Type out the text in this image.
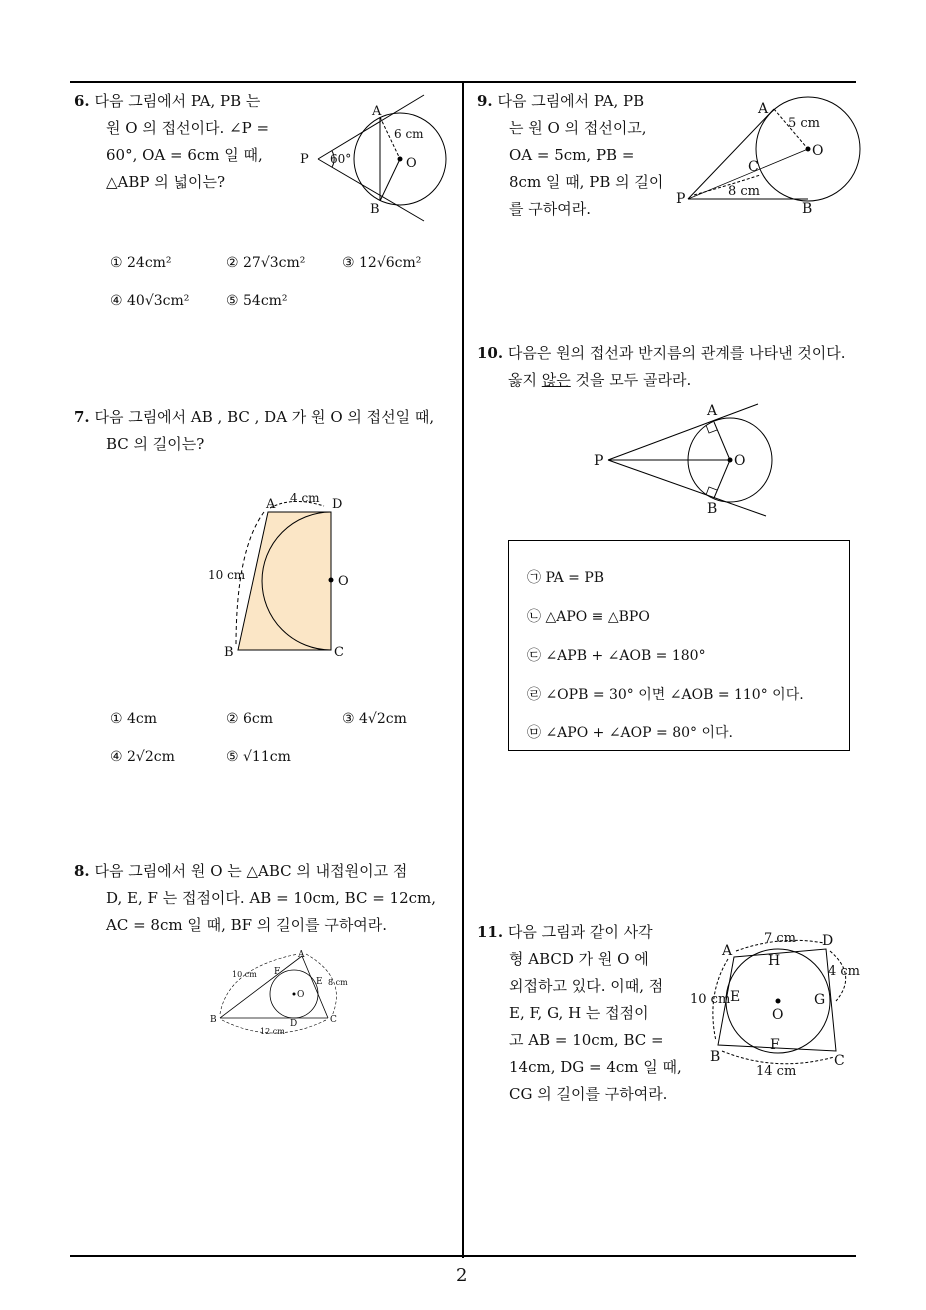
6. 다음 그림에서 PA, PB 는
원 O 의 접선이다. ∠P =
60°, OA = 6cm 일 때,
△ABP 의 넓이는?
A
B
P	O
60°
6 cm
① 24cm²	② 27√3cm²	③ 12√6cm²
④ 40√3cm²	⑤ 54cm²
7. 다음 그림에서 AB , BC , DA 가 원 O 의 접선일 때,
BC 의 길이는?
A	D
B	C
O
4 cm
10 cm
① 4cm	② 6cm	③ 4√2cm
④ 2√2cm	⑤ √11cm
8. 다음 그림에서 원 O 는 △ABC 의 내접원이고 점
D, E, F 는 접점이다. AB = 10cm, BC = 12cm,
AC = 8cm 일 때, BF 의 길이를 구하여라.
A
B	C
D
E
F
O
10 cm
8 cm
12 cm
9. 다음 그림에서 PA, PB
는 원 O 의 접선이고,
OA = 5cm, PB =
8cm 일 때, PB 의 길이
를 구하여라.
A
P
B
C
O
5 cm
8 cm
10. 다음은 원의 접선과 반지름의 관계를 나타낸 것이다.
옳지 않은 것을 모두 골라라.
A
B
P	O
㉠ PA = PB
㉡ △APO ≡ △BPO
㉢ ∠APB + ∠AOB = 180°
㉣ ∠OPB = 30° 이면 ∠AOB = 110° 이다.
㉤ ∠APO + ∠AOP = 80° 이다.
11. 다음 그림과 같이 사각
형 ABCD 가 원 O 에
외접하고 있다. 이때, 점
E, F, G, H 는 접점이
고 AB = 10cm, BC =
14cm, DG = 4cm 일 때,
CG 의 길이를 구하여라.
A
D
B	C
H
E	G
F
O
7 cm
4 cm
10 cm
14 cm
2
